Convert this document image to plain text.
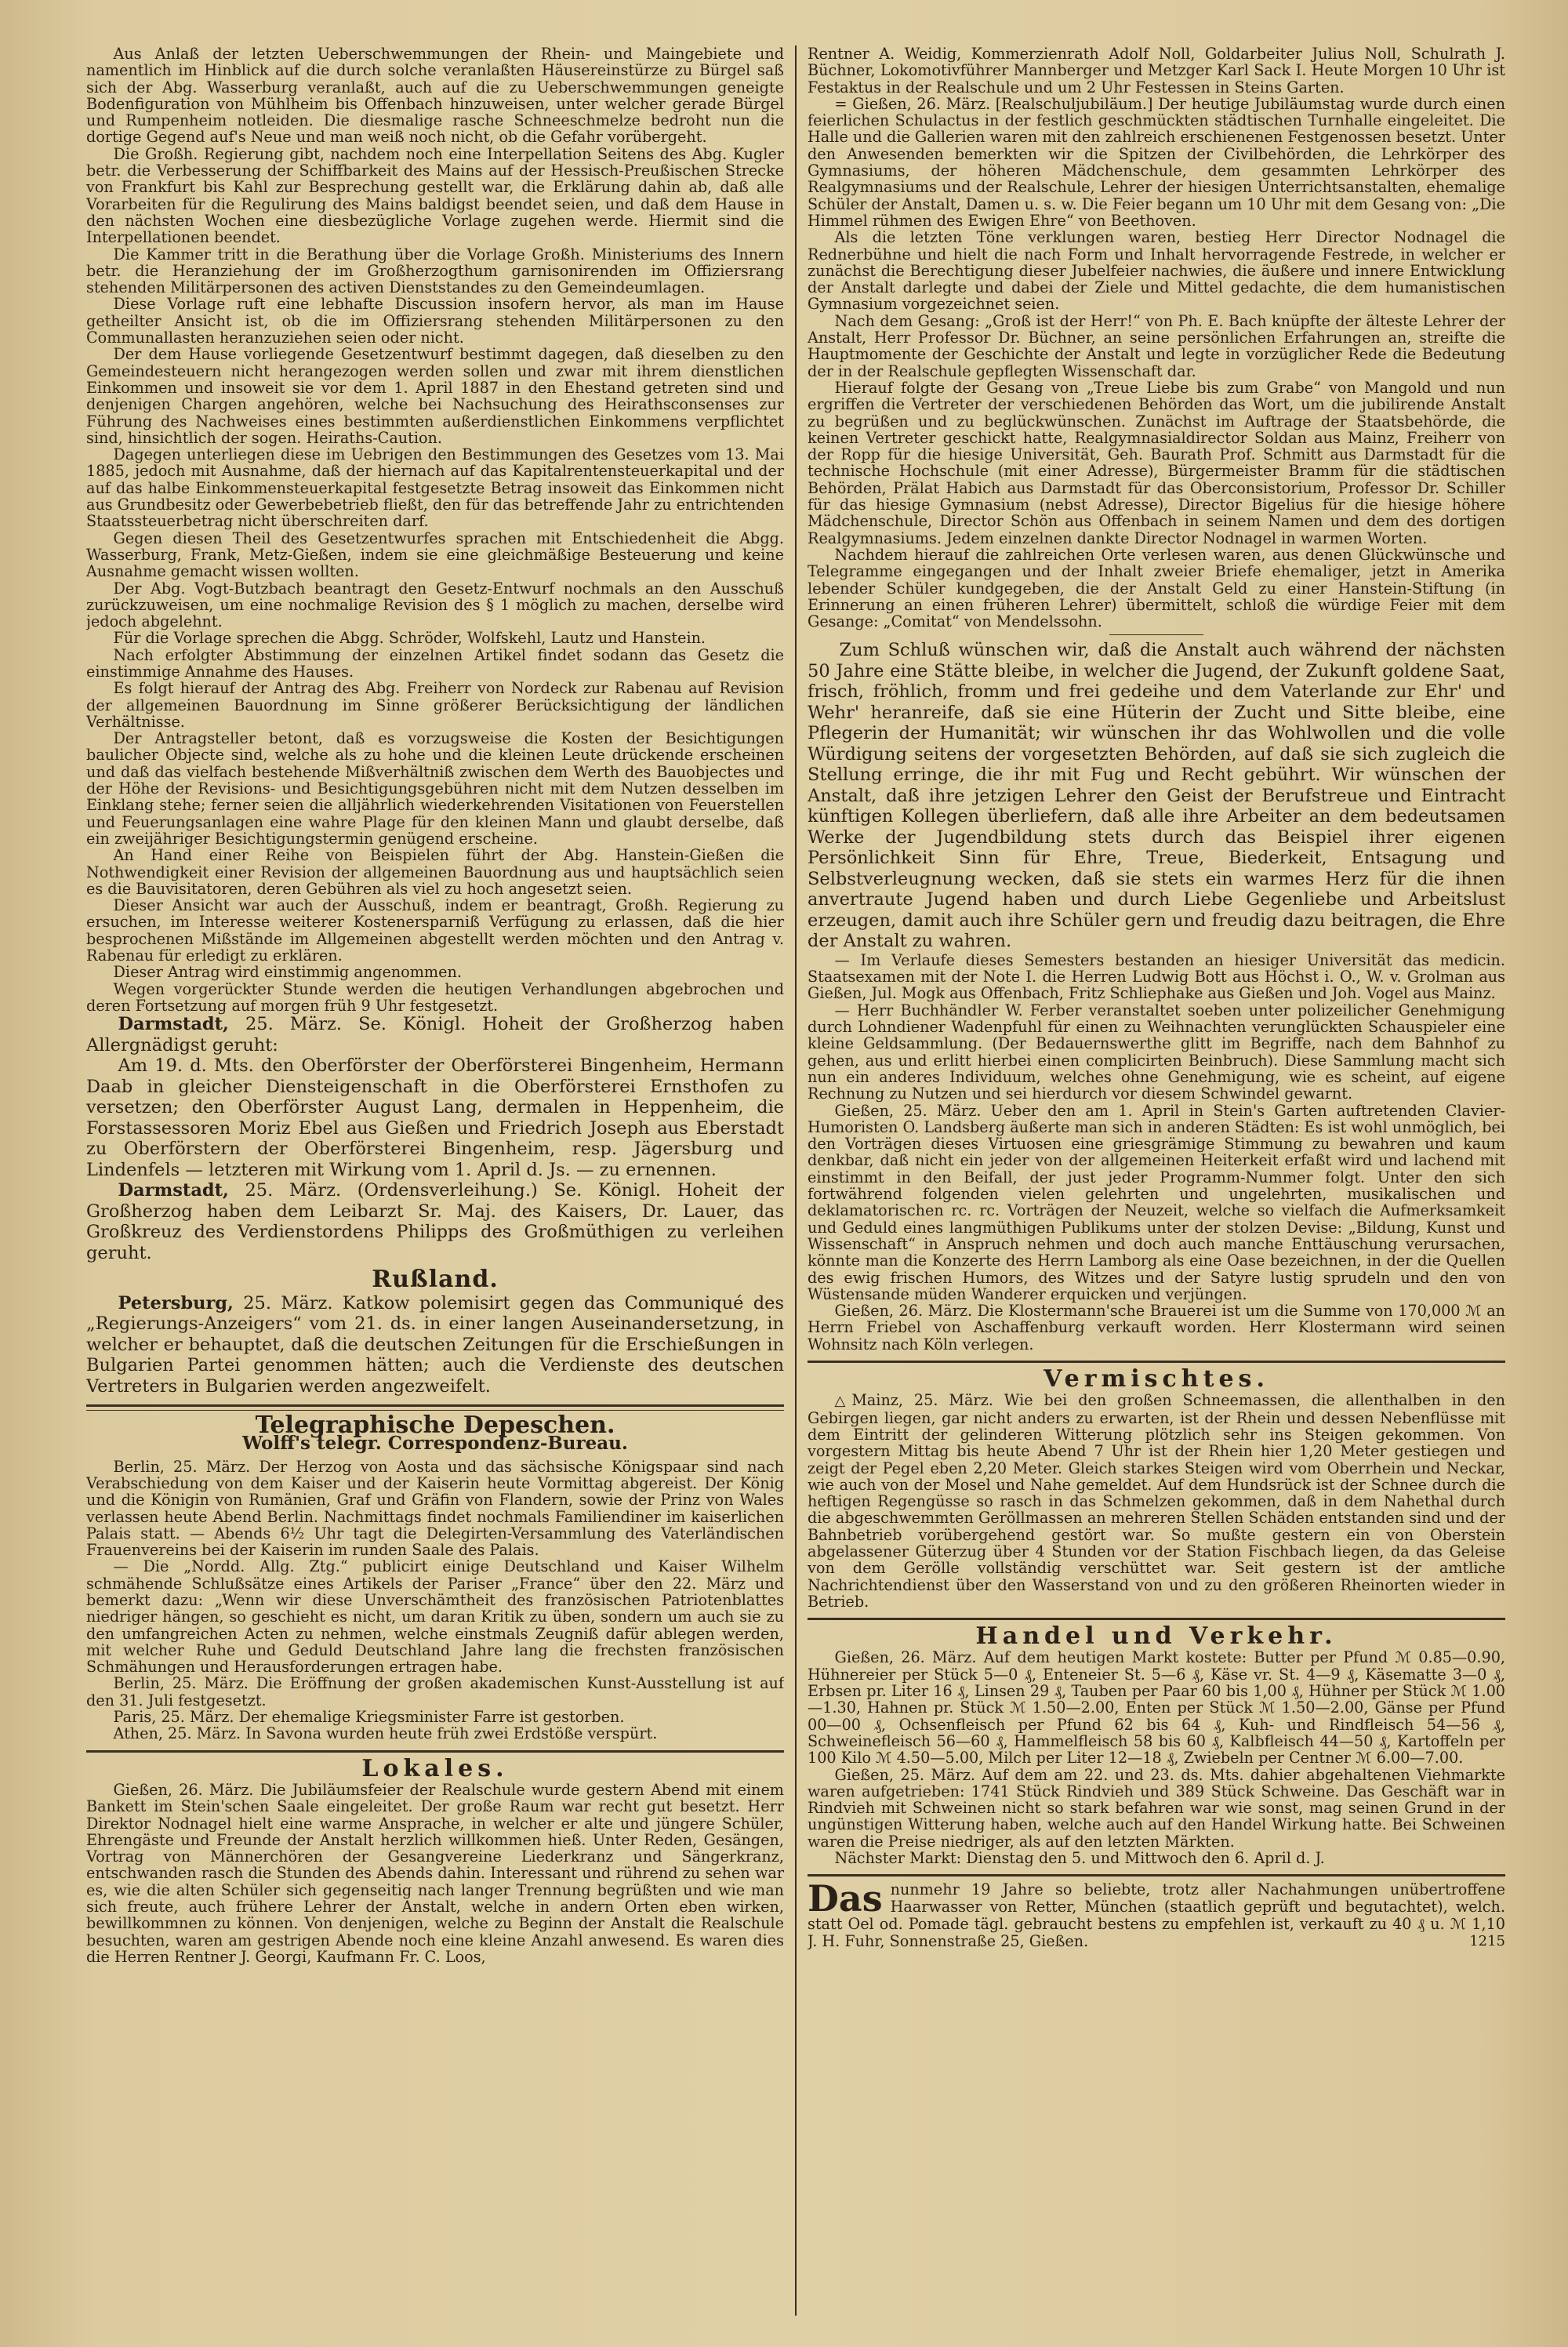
Aus Anlaß der letzten Ueberschwemmungen der Rhein- und Maingebiete und namentlich im Hinblick auf die durch solche veranlaßten Häusereinstürze zu Bürgel saß sich der Abg. Wasserburg veranlaßt, auch auf die zu Ueberschwemmungen geneigte Bodenfiguration von Mühlheim bis Offenbach hinzuweisen, unter welcher gerade Bürgel und Rumpenheim notleiden. Die diesmalige rasche Schneeschmelze bedroht nun die dortige Gegend auf's Neue und man weiß noch nicht, ob die Gefahr vorübergeht.

Die Großh. Regierung gibt, nachdem noch eine Interpellation Seitens des Abg. Kugler betr. die Verbesserung der Schiffbarkeit des Mains auf der Hessisch-Preußischen Strecke von Frankfurt bis Kahl zur Besprechung gestellt war, die Erklärung dahin ab, daß alle Vorarbeiten für die Regulirung des Mains baldigst beendet seien, und daß dem Hause in den nächsten Wochen eine diesbezügliche Vorlage zugehen werde. Hiermit sind die Interpellationen beendet.

Die Kammer tritt in die Berathung über die Vorlage Großh. Ministeriums des Innern betr. die Heranziehung der im Großherzogthum garnisonirenden im Offiziersrang stehenden Militärpersonen des activen Dienststandes zu den Gemeindeumlagen.

Diese Vorlage ruft eine lebhafte Discussion insofern hervor, als man im Hause getheilter Ansicht ist, ob die im Offiziersrang stehenden Militärpersonen zu den Communallasten heranzuziehen seien oder nicht.

Der dem Hause vorliegende Gesetzentwurf bestimmt dagegen, daß dieselben zu den Gemeindesteuern nicht herangezogen werden sollen und zwar mit ihrem dienstlichen Einkommen und insoweit sie vor dem 1. April 1887 in den Ehestand getreten sind und denjenigen Chargen angehören, welche bei Nachsuchung des Heirathsconsenses zur Führung des Nachweises eines bestimmten außerdienstlichen Einkommens verpflichtet sind, hinsichtlich der sogen. Heiraths-Caution.

Dagegen unterliegen diese im Uebrigen den Bestimmungen des Gesetzes vom 13. Mai 1885, jedoch mit Ausnahme, daß der hiernach auf das Kapitalrentensteuerkapital und der auf das halbe Einkommensteuerkapital festgesetzte Betrag insoweit das Einkommen nicht aus Grundbesitz oder Gewerbebetrieb fließt, den für das betreffende Jahr zu entrichtenden Staatssteuerbetrag nicht überschreiten darf.

Gegen diesen Theil des Gesetzentwurfes sprachen mit Entschiedenheit die Abgg. Wasserburg, Frank, Metz-Gießen, indem sie eine gleichmäßige Besteuerung und keine Ausnahme gemacht wissen wollten.

Der Abg. Vogt-Butzbach beantragt den Gesetz-Entwurf nochmals an den Ausschuß zurückzuweisen, um eine nochmalige Revision des § 1 möglich zu machen, derselbe wird jedoch abgelehnt.

Für die Vorlage sprechen die Abgg. Schröder, Wolfskehl, Lautz und Hanstein.

Nach erfolgter Abstimmung der einzelnen Artikel findet sodann das Gesetz die einstimmige Annahme des Hauses.

Es folgt hierauf der Antrag des Abg. Freiherr von Nordeck zur Rabenau auf Revision der allgemeinen Bauordnung im Sinne größerer Berücksichtigung der ländlichen Verhältnisse.

Der Antragsteller betont, daß es vorzugsweise die Kosten der Besichtigungen baulicher Objecte sind, welche als zu hohe und die kleinen Leute drückende erscheinen und daß das vielfach bestehende Mißverhältniß zwischen dem Werth des Bauobjectes und der Höhe der Revisions- und Besichtigungsgebühren nicht mit dem Nutzen desselben im Einklang stehe; ferner seien die alljährlich wiederkehrenden Visitationen von Feuerstellen und Feuerungsanlagen eine wahre Plage für den kleinen Mann und glaubt derselbe, daß ein zweijähriger Besichtigungstermin genügend erscheine.

An Hand einer Reihe von Beispielen führt der Abg. Hanstein-Gießen die Nothwendigkeit einer Revision der allgemeinen Bauordnung aus und hauptsächlich seien es die Bauvisitatoren, deren Gebühren als viel zu hoch angesetzt seien.

Dieser Ansicht war auch der Ausschuß, indem er beantragt, Großh. Regierung zu ersuchen, im Interesse weiterer Kostenersparniß Verfügung zu erlassen, daß die hier besprochenen Mißstände im Allgemeinen abgestellt werden möchten und den Antrag v. Rabenau für erledigt zu erklären.

Dieser Antrag wird einstimmig angenommen.

Wegen vorgerückter Stunde werden die heutigen Verhandlungen abgebrochen und deren Fortsetzung auf morgen früh 9 Uhr festgesetzt.

Darmstadt, 25. März. Se. Königl. Hoheit der Großherzog haben Allergnädigst geruht:

Am 19. d. Mts. den Oberförster der Oberförsterei Bingenheim, Hermann Daab in gleicher Diensteigenschaft in die Oberförsterei Ernsthofen zu versetzen; den Oberförster August Lang, dermalen in Heppenheim, die Forstassessoren Moriz Ebel aus Gießen und Friedrich Joseph aus Eberstadt zu Oberförstern der Oberförsterei Bingenheim, resp. Jägersburg und Lindenfels — letzteren mit Wirkung vom 1. April d. Js. — zu ernennen.

Darmstadt, 25. März. (Ordensverleihung.) Se. Königl. Hoheit der Großherzog haben dem Leibarzt Sr. Maj. des Kaisers, Dr. Lauer, das Großkreuz des Verdienstordens Philipps des Großmüthigen zu verleihen geruht.

Rußland.

Petersburg, 25. März. Katkow polemisirt gegen das Communiqué des „Regierungs-Anzeigers“ vom 21. ds. in einer langen Auseinandersetzung, in welcher er behauptet, daß die deutschen Zeitungen für die Erschießungen in Bulgarien Partei genommen hätten; auch die Verdienste des deutschen Vertreters in Bulgarien werden angezweifelt.

Telegraphische Depeschen.
Wolff's telegr. Correspondenz-Bureau.

Berlin, 25. März. Der Herzog von Aosta und das sächsische Königspaar sind nach Verabschiedung von dem Kaiser und der Kaiserin heute Vormittag abgereist. Der König und die Königin von Rumänien, Graf und Gräfin von Flandern, sowie der Prinz von Wales verlassen heute Abend Berlin. Nachmittags findet nochmals Familiendiner im kaiserlichen Palais statt. — Abends 6½ Uhr tagt die Delegirten-Versammlung des Vaterländischen Frauenvereins bei der Kaiserin im runden Saale des Palais.

— Die „Nordd. Allg. Ztg.“ publicirt einige Deutschland und Kaiser Wilhelm schmähende Schlußsätze eines Artikels der Pariser „France“ über den 22. März und bemerkt dazu: „Wenn wir diese Unverschämtheit des französischen Patriotenblattes niedriger hängen, so geschieht es nicht, um daran Kritik zu üben, sondern um auch sie zu den umfangreichen Acten zu nehmen, welche einstmals Zeugniß dafür ablegen werden, mit welcher Ruhe und Geduld Deutschland Jahre lang die frechsten französischen Schmähungen und Herausforderungen ertragen habe.

Berlin, 25. März. Die Eröffnung der großen akademischen Kunst-Ausstellung ist auf den 31. Juli festgesetzt.

Paris, 25. März. Der ehemalige Kriegsminister Farre ist gestorben.

Athen, 25. März. In Savona wurden heute früh zwei Erdstöße verspürt.

Lokales.

Gießen, 26. März. Die Jubiläumsfeier der Realschule wurde gestern Abend mit einem Bankett im Stein'schen Saale eingeleitet. Der große Raum war recht gut besetzt. Herr Direktor Nodnagel hielt eine warme Ansprache, in welcher er alte und jüngere Schüler, Ehrengäste und Freunde der Anstalt herzlich willkommen hieß. Unter Reden, Gesängen, Vortrag von Männerchören der Gesangvereine Liederkranz und Sängerkranz, entschwanden rasch die Stunden des Abends dahin. Interessant und rührend zu sehen war es, wie die alten Schüler sich gegenseitig nach langer Trennung begrüßten und wie man sich freute, auch frühere Lehrer der Anstalt, welche in andern Orten eben wirken, bewillkommnen zu können. Von denjenigen, welche zu Beginn der Anstalt die Realschule besuchten, waren am gestrigen Abende noch eine kleine Anzahl anwesend. Es waren dies die Herren Rentner J. Georgi, Kaufmann Fr. C. Loos,

Rentner A. Weidig, Kommerzienrath Adolf Noll, Goldarbeiter Julius Noll, Schulrath J. Büchner, Lokomotivführer Mannberger und Metzger Karl Sack I. Heute Morgen 10 Uhr ist Festaktus in der Realschule und um 2 Uhr Festessen in Steins Garten.

= Gießen, 26. März. [Realschuljubiläum.] Der heutige Jubiläumstag wurde durch einen feierlichen Schulactus in der festlich geschmückten städtischen Turnhalle eingeleitet. Die Halle und die Gallerien waren mit den zahlreich erschienenen Festgenossen besetzt. Unter den Anwesenden bemerkten wir die Spitzen der Civilbehörden, die Lehrkörper des Gymnasiums, der höheren Mädchenschule, dem gesammten Lehrkörper des Realgymnasiums und der Realschule, Lehrer der hiesigen Unterrichtsanstalten, ehemalige Schüler der Anstalt, Damen u. s. w. Die Feier begann um 10 Uhr mit dem Gesang von: „Die Himmel rühmen des Ewigen Ehre“ von Beethoven.

Als die letzten Töne verklungen waren, bestieg Herr Director Nodnagel die Rednerbühne und hielt die nach Form und Inhalt hervorragende Festrede, in welcher er zunächst die Berechtigung dieser Jubelfeier nachwies, die äußere und innere Entwicklung der Anstalt darlegte und dabei der Ziele und Mittel gedachte, die dem humanistischen Gymnasium vorgezeichnet seien.

Nach dem Gesang: „Groß ist der Herr!“ von Ph. E. Bach knüpfte der älteste Lehrer der Anstalt, Herr Professor Dr. Büchner, an seine persönlichen Erfahrungen an, streifte die Hauptmomente der Geschichte der Anstalt und legte in vorzüglicher Rede die Bedeutung der in der Realschule gepflegten Wissenschaft dar.

Hierauf folgte der Gesang von „Treue Liebe bis zum Grabe“ von Mangold und nun ergriffen die Vertreter der verschiedenen Behörden das Wort, um die jubilirende Anstalt zu begrüßen und zu beglückwünschen. Zunächst im Auftrage der Staatsbehörde, die keinen Vertreter geschickt hatte, Realgymnasialdirector Soldan aus Mainz, Freiherr von der Ropp für die hiesige Universität, Geh. Baurath Prof. Schmitt aus Darmstadt für die technische Hochschule (mit einer Adresse), Bürgermeister Bramm für die städtischen Behörden, Prälat Habich aus Darmstadt für das Oberconsistorium, Professor Dr. Schiller für das hiesige Gymnasium (nebst Adresse), Director Bigelius für die hiesige höhere Mädchenschule, Director Schön aus Offenbach in seinem Namen und dem des dortigen Realgymnasiums. Jedem einzelnen dankte Director Nodnagel in warmen Worten.

Nachdem hierauf die zahlreichen Orte verlesen waren, aus denen Glückwünsche und Telegramme eingegangen und der Inhalt zweier Briefe ehemaliger, jetzt in Amerika lebender Schüler kundgegeben, die der Anstalt Geld zu einer Hanstein-Stiftung (in Erinnerung an einen früheren Lehrer) übermittelt, schloß die würdige Feier mit dem Gesange: „Comitat“ von Mendelssohn.

Zum Schluß wünschen wir, daß die Anstalt auch während der nächsten 50 Jahre eine Stätte bleibe, in welcher die Jugend, der Zukunft goldene Saat, frisch, fröhlich, fromm und frei gedeihe und dem Vaterlande zur Ehr' und Wehr' heranreife, daß sie eine Hüterin der Zucht und Sitte bleibe, eine Pflegerin der Humanität; wir wünschen ihr das Wohlwollen und die volle Würdigung seitens der vorgesetzten Behörden, auf daß sie sich zugleich die Stellung erringe, die ihr mit Fug und Recht gebührt. Wir wünschen der Anstalt, daß ihre jetzigen Lehrer den Geist der Berufstreue und Eintracht künftigen Kollegen überliefern, daß alle ihre Arbeiter an dem bedeutsamen Werke der Jugendbildung stets durch das Beispiel ihrer eigenen Persönlichkeit Sinn für Ehre, Treue, Biederkeit, Entsagung und Selbstverleugnung wecken, daß sie stets ein warmes Herz für die ihnen anvertraute Jugend haben und durch Liebe Gegenliebe und Arbeitslust erzeugen, damit auch ihre Schüler gern und freudig dazu beitragen, die Ehre der Anstalt zu wahren.

— Im Verlaufe dieses Semesters bestanden an hiesiger Universität das medicin. Staatsexamen mit der Note I. die Herren Ludwig Bott aus Höchst i. O., W. v. Grolman aus Gießen, Jul. Mogk aus Offenbach, Fritz Schliephake aus Gießen und Joh. Vogel aus Mainz.

— Herr Buchhändler W. Ferber veranstaltet soeben unter polizeilicher Genehmigung durch Lohndiener Wadenpfuhl für einen zu Weihnachten verunglückten Schauspieler eine kleine Geldsammlung. (Der Bedauernswerthe glitt im Begriffe, nach dem Bahnhof zu gehen, aus und erlitt hierbei einen complicirten Beinbruch). Diese Sammlung macht sich nun ein anderes Individuum, welches ohne Genehmigung, wie es scheint, auf eigene Rechnung zu Nutzen und sei hierdurch vor diesem Schwindel gewarnt.

Gießen, 25. März. Ueber den am 1. April in Stein's Garten auftretenden Clavier-Humoristen O. Landsberg äußerte man sich in anderen Städten: Es ist wohl unmöglich, bei den Vorträgen dieses Virtuosen eine griesgrämige Stimmung zu bewahren und kaum denkbar, daß nicht ein jeder von der allgemeinen Heiterkeit erfaßt wird und lachend mit einstimmt in den Beifall, der just jeder Programm-Nummer folgt. Unter den sich fortwährend folgenden vielen gelehrten und ungelehrten, musikalischen und deklamatorischen rc. rc. Vorträgen der Neuzeit, welche so vielfach die Aufmerksamkeit und Geduld eines langmüthigen Publikums unter der stolzen Devise: „Bildung, Kunst und Wissenschaft“ in Anspruch nehmen und doch auch manche Enttäuschung verursachen, könnte man die Konzerte des Herrn Lamborg als eine Oase bezeichnen, in der die Quellen des ewig frischen Humors, des Witzes und der Satyre lustig sprudeln und den von Wüstensande müden Wanderer erquicken und verjüngen.

Gießen, 26. März. Die Klostermann'sche Brauerei ist um die Summe von 170,000 ℳ an Herrn Friebel von Aschaffenburg verkauft worden. Herr Klostermann wird seinen Wohnsitz nach Köln verlegen.

Vermischtes.

△Mainz, 25. März. Wie bei den großen Schneemassen, die allenthalben in den Gebirgen liegen, gar nicht anders zu erwarten, ist der Rhein und dessen Nebenflüsse mit dem Eintritt der gelinderen Witterung plötzlich sehr ins Steigen gekommen. Von vorgestern Mittag bis heute Abend 7 Uhr ist der Rhein hier 1,20 Meter gestiegen und zeigt der Pegel eben 2,20 Meter. Gleich starkes Steigen wird vom Oberrhein und Neckar, wie auch von der Mosel und Nahe gemeldet. Auf dem Hundsrück ist der Schnee durch die heftigen Regengüsse so rasch in das Schmelzen gekommen, daß in dem Nahethal durch die abgeschwemmten Geröllmassen an mehreren Stellen Schäden entstanden sind und der Bahnbetrieb vorübergehend gestört war. So mußte gestern ein von Oberstein abgelassener Güterzug über 4 Stunden vor der Station Fischbach liegen, da das Geleise von dem Gerölle vollständig verschüttet war. Seit gestern ist der amtliche Nachrichtendienst über den Wasserstand von und zu den größeren Rheinorten wieder in Betrieb.

Handel und Verkehr.

Gießen, 26. März. Auf dem heutigen Markt kostete: Butter per Pfund ℳ 0.85—0.90, Hühnereier per Stück 5—0 ₰, Enteneier St. 5—6 ₰, Käse vr. St. 4—9 ₰, Käsematte 3—0 ₰, Erbsen pr. Liter 16 ₰, Linsen 29 ₰, Tauben per Paar 60 bis 1,00 ₰, Hühner per Stück ℳ 1.00—1.30, Hahnen pr. Stück ℳ 1.50—2.00, Enten per Stück ℳ 1.50—2.00, Gänse per Pfund 00—00 ₰, Ochsenfleisch per Pfund 62 bis 64 ₰, Kuh- und Rindfleisch 54—56 ₰, Schweinefleisch 56—60 ₰, Hammelfleisch 58 bis 60 ₰, Kalbfleisch 44—50 ₰, Kartoffeln per 100 Kilo ℳ 4.50—5.00, Milch per Liter 12—18 ₰, Zwiebeln per Centner ℳ 6.00—7.00.

Gießen, 25. März. Auf dem am 22. und 23. ds. Mts. dahier abgehaltenen Viehmarkte waren aufgetrieben: 1741 Stück Rindvieh und 389 Stück Schweine. Das Geschäft war in Rindvieh mit Schweinen nicht so stark befahren war wie sonst, mag seinen Grund in der ungünstigen Witterung haben, welche auch auf den Handel Wirkung hatte. Bei Schweinen waren die Preise niedriger, als auf den letzten Märkten.

Nächster Markt: Dienstag den 5. und Mittwoch den 6. April d. J.

Das nunmehr 19 Jahre so beliebte, trotz aller Nachahmungen unübertroffene Haarwasser von Retter, München (staatlich geprüft und begutachtet), welch. statt Oel od. Pomade tägl. gebraucht bestens zu empfehlen ist, verkauft zu 40 ₰ u. ℳ 1,10 J. H. Fuhr, Sonnenstraße 25, Gießen.	1215
